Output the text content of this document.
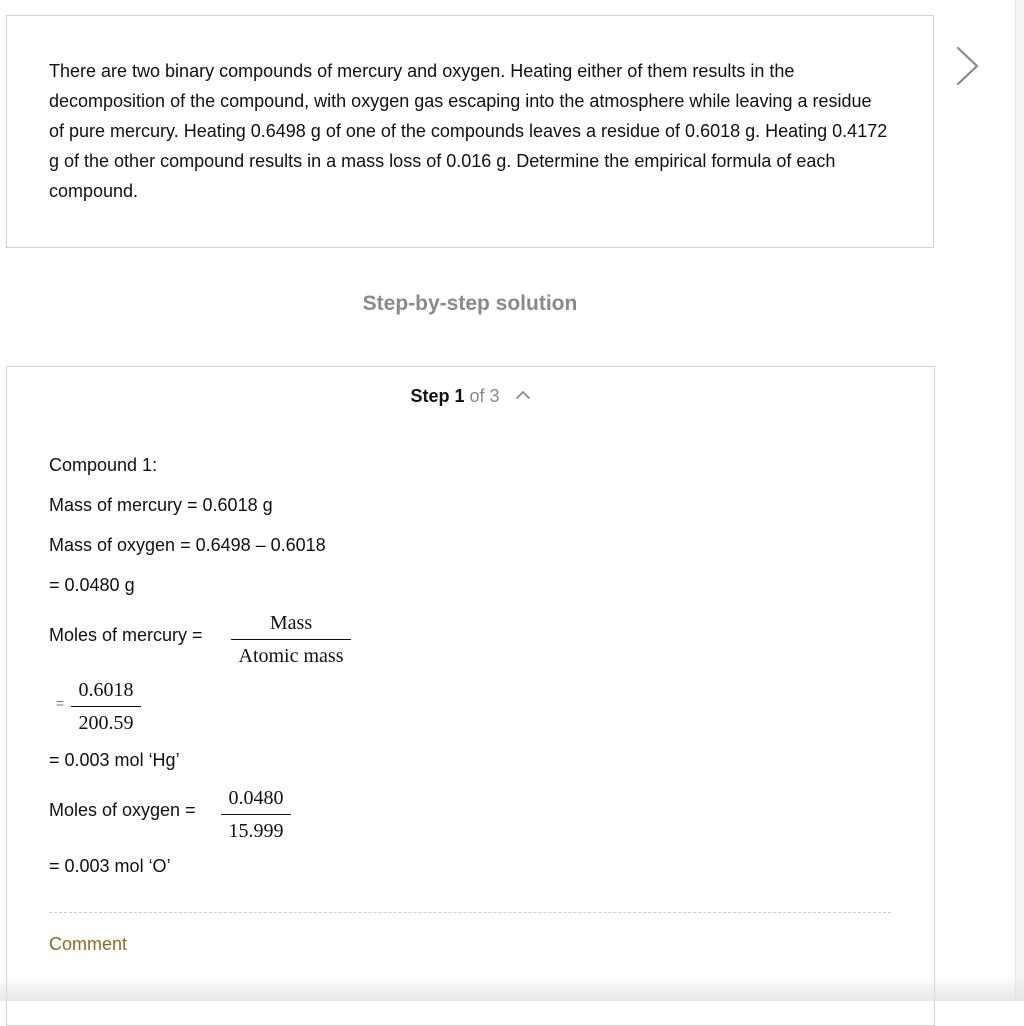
There are two binary compounds of mercury and oxygen. Heating either of them results in the decomposition of the compound, with oxygen gas escaping into the atmosphere while leaving a residue of pure mercury. Heating 0.6498 g of one of the compounds leaves a residue of 0.6018 g. Heating 0.4172 g of the other compound results in a mass loss of 0.016 g. Determine the empirical formula of each compound.

Step-by-step solution
Step 1 of 3
Compound 1:
Mass of mercury = 0.6018 g
Mass of oxygen = 0.6498 – 0.6018
= 0.0480 g
Moles of mercury =
Mass
Atomic mass
= $\frac{0.6018}{200.59}$
= 0.003 mol ‘Hg’
Moles of oxygen = $\frac{0.0480}{15.999}$
= 0.003 mol ‘O’
Comment
